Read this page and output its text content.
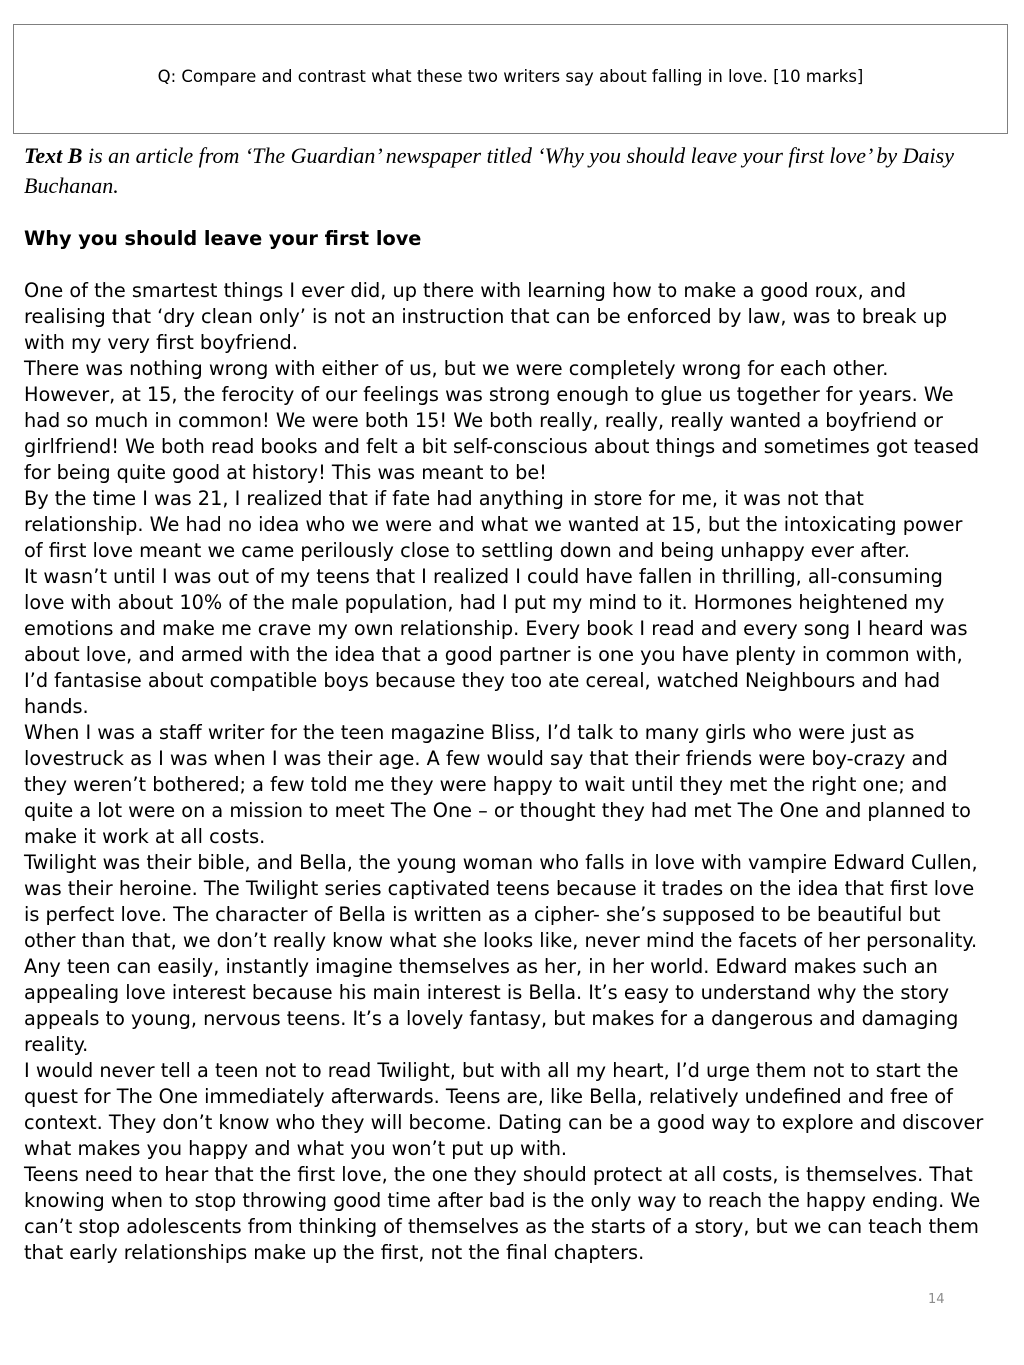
Q: Compare and contrast what these two writers say about falling in love. [10 marks]

Text B is an article from ‘The Guardian’ newspaper titled ‘Why you should leave your first love’ by Daisy Buchanan.

Why you should leave your first love

One of the smartest things I ever did, up there with learning how to make a good roux, and realising that ‘dry clean only’ is not an instruction that can be enforced by law, was to break up with my very first boyfriend.

There was nothing wrong with either of us, but we were completely wrong for each other. However, at 15, the ferocity of our feelings was strong enough to glue us together for years. We had so much in common! We were both 15! We both really, really, really wanted a boyfriend or girlfriend! We both read books and felt a bit self-conscious about things and sometimes got teased for being quite good at history! This was meant to be!

By the time I was 21, I realized that if fate had anything in store for me, it was not that relationship. We had no idea who we were and what we wanted at 15, but the intoxicating power of first love meant we came perilously close to settling down and being unhappy ever after.

It wasn’t until I was out of my teens that I realized I could have fallen in thrilling, all-consuming love with about 10% of the male population, had I put my mind to it. Hormones heightened my emotions and make me crave my own relationship. Every book I read and every song I heard was about love, and armed with the idea that a good partner is one you have plenty in common with, I’d fantasise about compatible boys because they too ate cereal, watched Neighbours and had hands.

When I was a staff writer for the teen magazine Bliss, I’d talk to many girls who were just as lovestruck as I was when I was their age. A few would say that their friends were boy-crazy and they weren’t bothered; a few told me they were happy to wait until they met the right one; and quite a lot were on a mission to meet The One – or thought they had met The One and planned to make it work at all costs.

Twilight was their bible, and Bella, the young woman who falls in love with vampire Edward Cullen, was their heroine. The Twilight series captivated teens because it trades on the idea that first love is perfect love. The character of Bella is written as a cipher- she’s supposed to be beautiful but other than that, we don’t really know what she looks like, never mind the facets of her personality. Any teen can easily, instantly imagine themselves as her, in her world. Edward makes such an appealing love interest because his main interest is Bella. It’s easy to understand why the story appeals to young, nervous teens. It’s a lovely fantasy, but makes for a dangerous and damaging reality.

I would never tell a teen not to read Twilight, but with all my heart, I’d urge them not to start the quest for The One immediately afterwards. Teens are, like Bella, relatively undefined and free of context. They don’t know who they will become. Dating can be a good way to explore and discover what makes you happy and what you won’t put up with.

Teens need to hear that the first love, the one they should protect at all costs, is themselves. That knowing when to stop throwing good time after bad is the only way to reach the happy ending. We can’t stop adolescents from thinking of themselves as the starts of a story, but we can teach them that early relationships make up the first, not the final chapters.

14
